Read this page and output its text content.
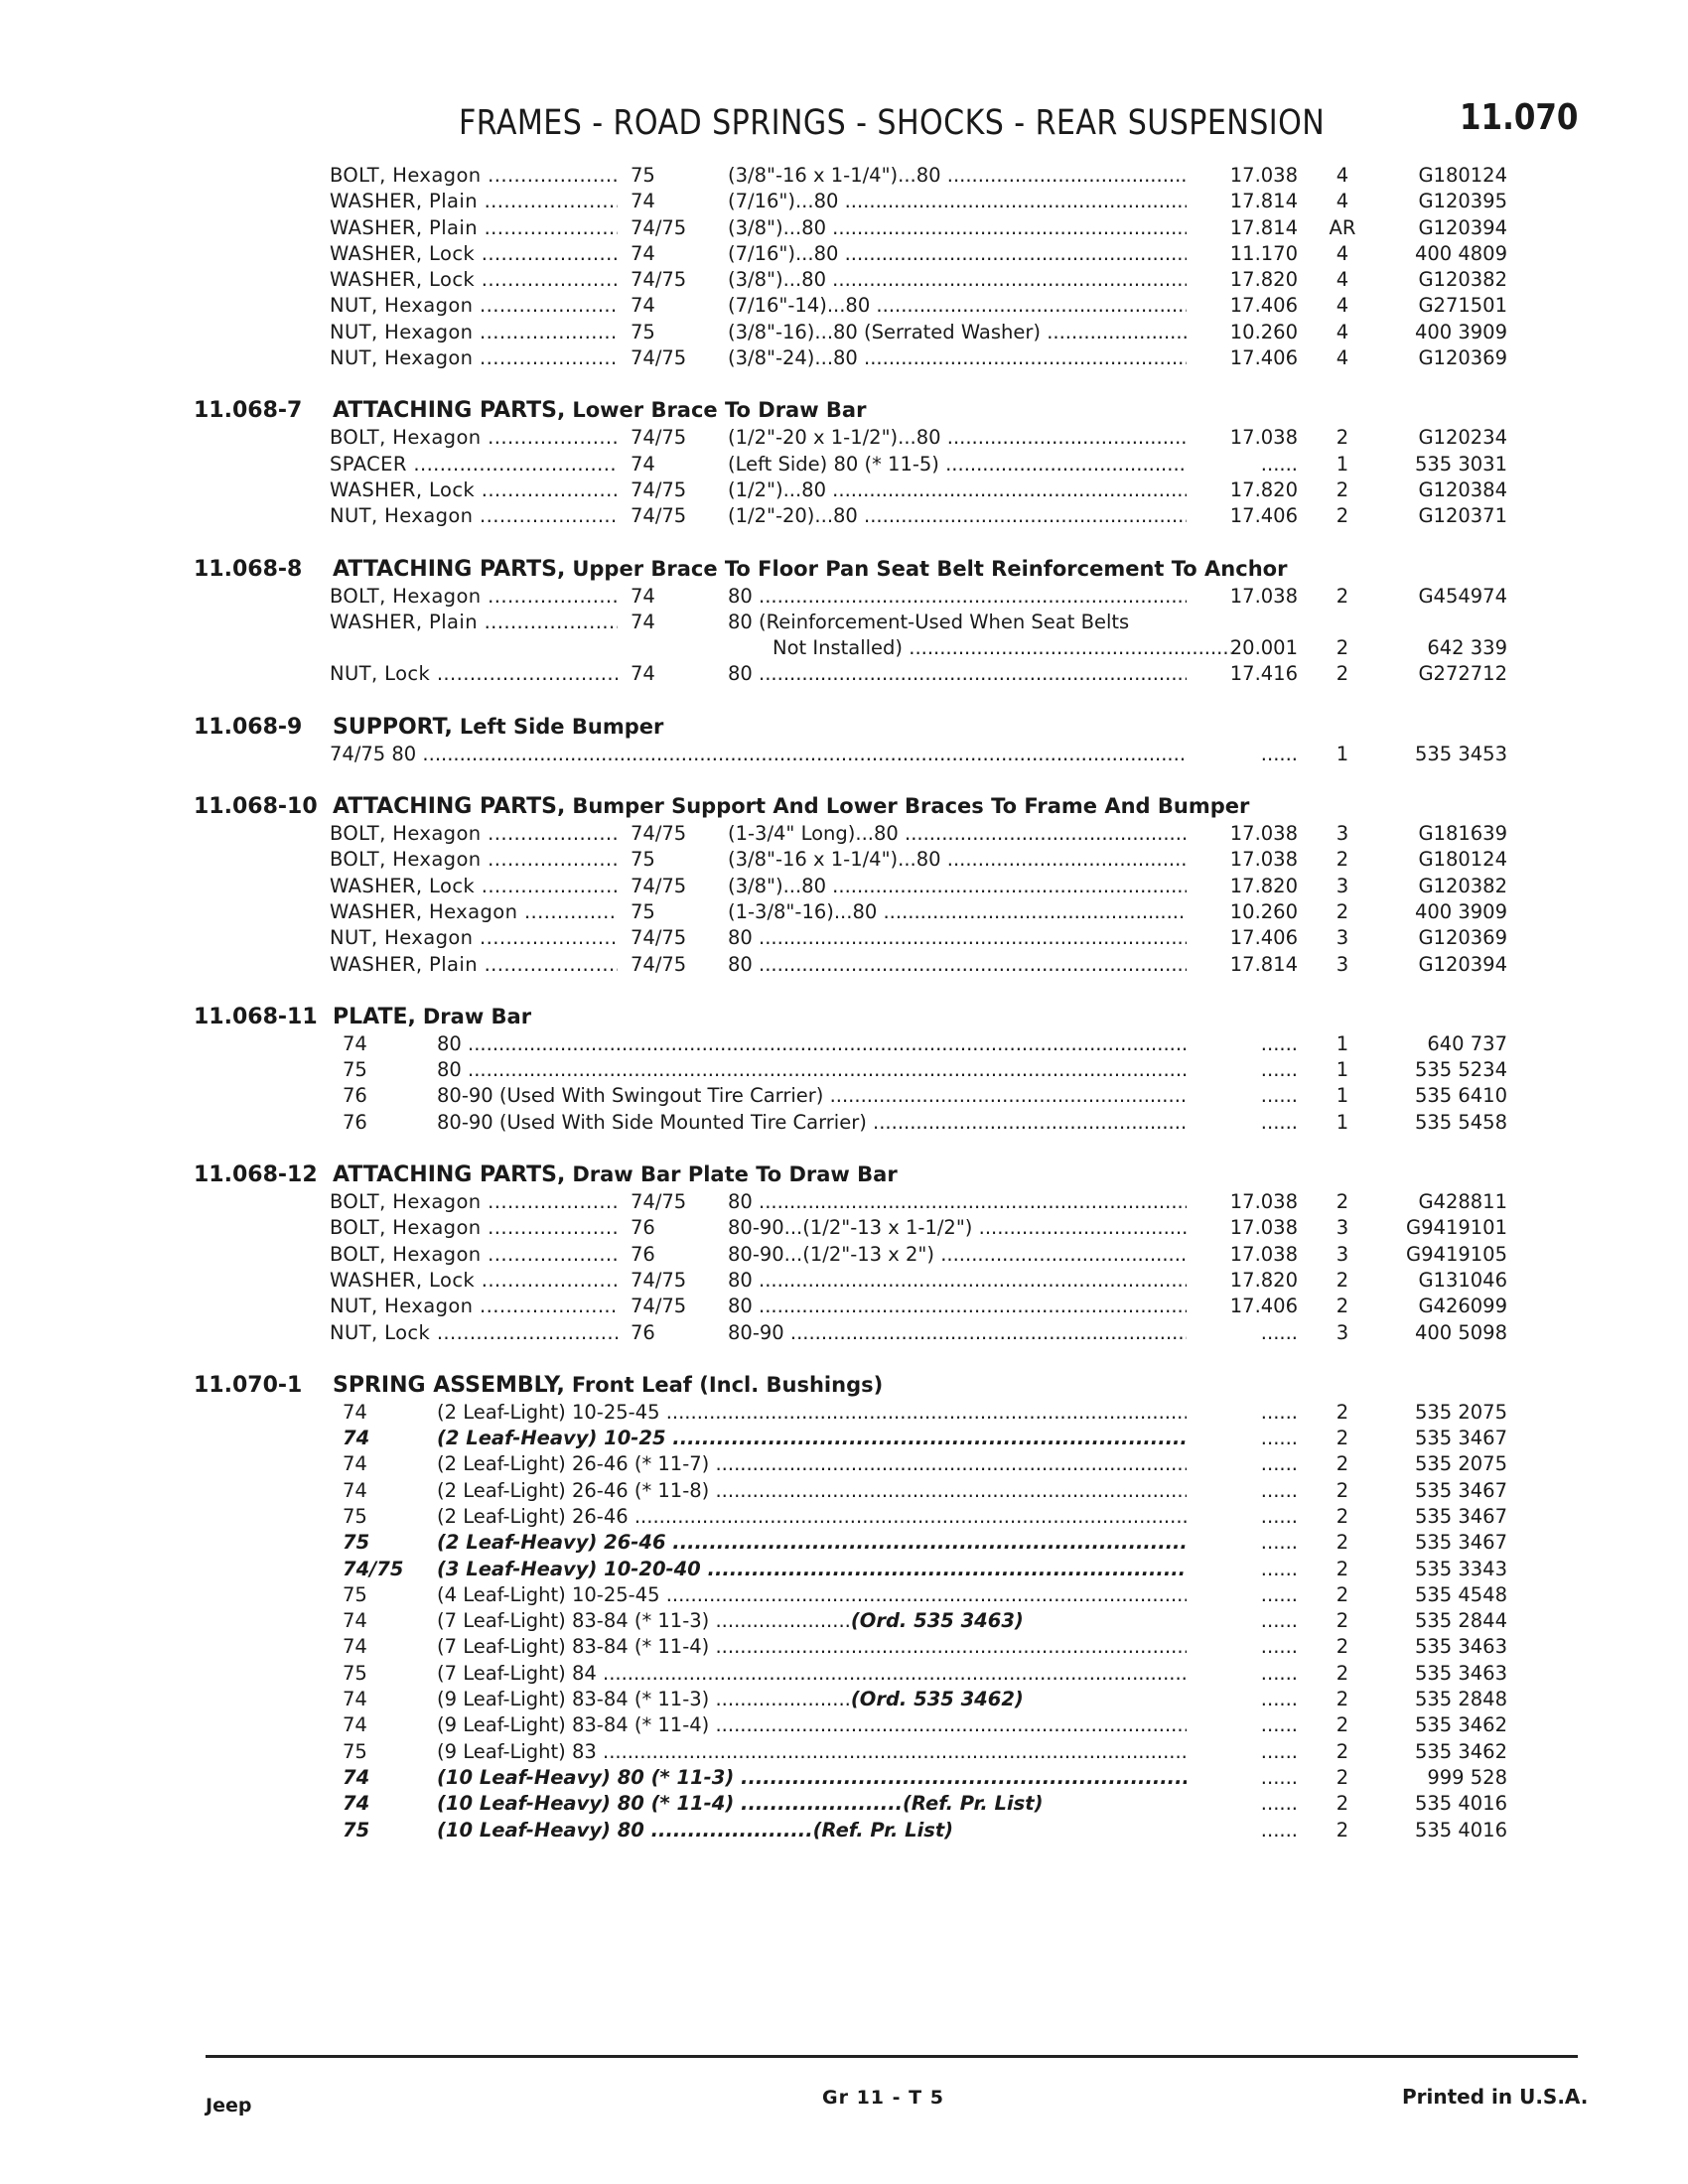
FRAMES - ROAD SPRINGS - SHOCKS - REAR SUSPENSION	11.070
BOLT, Hexagon .....	75	(3/8"-16 x 1-1/4")...80 .....	17.038	4	G180124
WASHER, Plain .....	74	(7/16")...80 .....	17.814	4	G120395
WASHER, Plain .....	74/75 (3/8")...80 .....	17.814	AR	G120394
WASHER, Lock .....	74	(7/16")...80 .....	11.170	4	400 4809
WASHER, Lock .....	74/75 (3/8")...80 .....	17.820	4	G120382
NUT, Hexagon .....	74	(7/16"-14)...80 .....	17.406	4	G271501
NUT, Hexagon .....	75	(3/8"-16)...80 (Serrated Washer) .....	10.260	4	400 3909
NUT, Hexagon .....	74/75 (3/8"-24)...80 .....	17.406	4	G120369
11.068-7 ATTACHING PARTS, Lower Brace To Draw Bar
BOLT, Hexagon .....	74/75 (1/2"-20 x 1-1/2")...80 .....	17.038	2	G120234
SPACER .....	74	(Left Side) 80 (* 11-5) .....	......	1	535 3031
WASHER, Lock .....	74/75 (1/2")...80 .....	17.820	2	G120384
NUT, Hexagon .....	74/75 (1/2"-20)...80 .....	17.406	2	G120371
11.068-8 ATTACHING PARTS, Upper Brace To Floor Pan Seat Belt Reinforcement To Anchor
BOLT, Hexagon .....	74	80 .....	17.038	2	G454974
WASHER, Plain .....	74	80 (Reinforcement-Used When Seat Belts
Not Installed) .....	20.001	2	642 339
NUT, Lock .....	74	80 .....	17.416	2	G272712
11.068-9 SUPPORT, Left Side Bumper
74/75 80 .....	......	1	535 3453
11.068-10 ATTACHING PARTS, Bumper Support And Lower Braces To Frame And Bumper
BOLT, Hexagon .....	74/75 (1-3/4" Long)...80 .....	17.038	3	G181639
BOLT, Hexagon .....	75	(3/8"-16 x 1-1/4")...80 .....	17.038	2	G180124
WASHER, Lock .....	74/75 (3/8")...80 .....	17.820	3	G120382
WASHER, Hexagon .....	75	(1-3/8"-16)...80 .....	10.260	2	400 3909
NUT, Hexagon .....	74/75 80 .....	17.406	3	G120369
WASHER, Plain .....	74/75 80 .....	17.814	3	G120394
11.068-11 PLATE, Draw Bar
74	80 .....	......	1	640 737
75	80 .....	......	1	535 5234
76	80-90 (Used With Swingout Tire Carrier) .....	......	1	535 6410
76	80-90 (Used With Side Mounted Tire Carrier) .....	......	1	535 5458
11.068-12 ATTACHING PARTS, Draw Bar Plate To Draw Bar
BOLT, Hexagon .....	74/75 80 .....	17.038	2	G428811
BOLT, Hexagon .....	76	80-90...(1/2"-13 x 1-1/2") .....	17.038	3	G9419101
BOLT, Hexagon .....	76	80-90...(1/2"-13 x 2") .....	17.038	3	G9419105
WASHER, Lock .....	74/75 80 .....	17.820	2	G131046
NUT, Hexagon .....	74/75 80 .....	17.406	2	G426099
NUT, Lock .....	76	80-90 .....	......	3	400 5098
11.070-1 SPRING ASSEMBLY, Front Leaf (Incl. Bushings)
74	(2 Leaf-Light) 10-25-45 .....	......	2	535 2075
74	(2 Leaf-Heavy) 10-25 .....	......	2	535 3467
74	(2 Leaf-Light) 26-46 (* 11-7) .....	......	2	535 2075
74	(2 Leaf-Light) 26-46 (* 11-8) .....	......	2	535 3467
75	(2 Leaf-Light) 26-46 .....	......	2	535 3467
75	(2 Leaf-Heavy) 26-46 .....	......	2	535 3467
74/75 (3 Leaf-Heavy) 10-20-40 .....	......	2	535 3343
75	(4 Leaf-Light) 10-25-45 .....	......	2	535 4548
74	(7 Leaf-Light) 83-84 (* 11-3) ...................... (Ord. 535 3463)	......	2	535 2844
74	(7 Leaf-Light) 83-84 (* 11-4) .....	......	2	535 3463
75	(7 Leaf-Light) 84 .....	......	2	535 3463
74	(9 Leaf-Light) 83-84 (* 11-3) ...................... (Ord. 535 3462)	......	2	535 2848
74	(9 Leaf-Light) 83-84 (* 11-4) .....	......	2	535 3462
75	(9 Leaf-Light) 83 .....	......	2	535 3462
74	(10 Leaf-Heavy) 80 (* 11-3) .....	......	2	999 528
74	(10 Leaf-Heavy) 80 (* 11-4) ...................... (Ref. Pr. List)	......	2	535 4016
75	(10 Leaf-Heavy) 80 ...................... (Ref. Pr. List)	......	2	535 4016
Jeep	Gr 11 - T 5	Printed in U.S.A.
